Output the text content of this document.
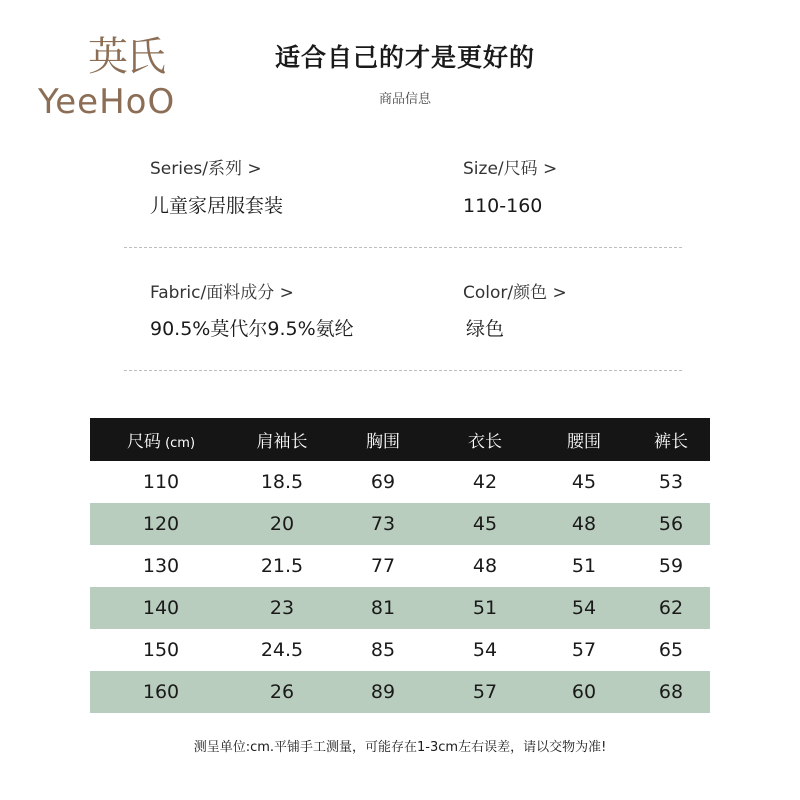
英氏
YeeHoO
适合自己的才是更好的
商品信息
Series/系列 >
儿童家居服套装
Size/尺码 >
110-160
Fabric/面料成分 >
90.5%莫代尔9.5%氨纶
Color/颜色 >
绿色
尺码 (cm)	肩袖长	胸围	衣长	腰围	裤长
110	18.5	69	42	45	53
120	20	73	45	48	56
130	21.5	77	48	51	59
140	23	81	51	54	62
150	24.5	85	54	57	65
160	26	89	57	60	68
测呈单位:cm.平铺手工测量，可能存在1-3cm左右误差，请以交物为准!
